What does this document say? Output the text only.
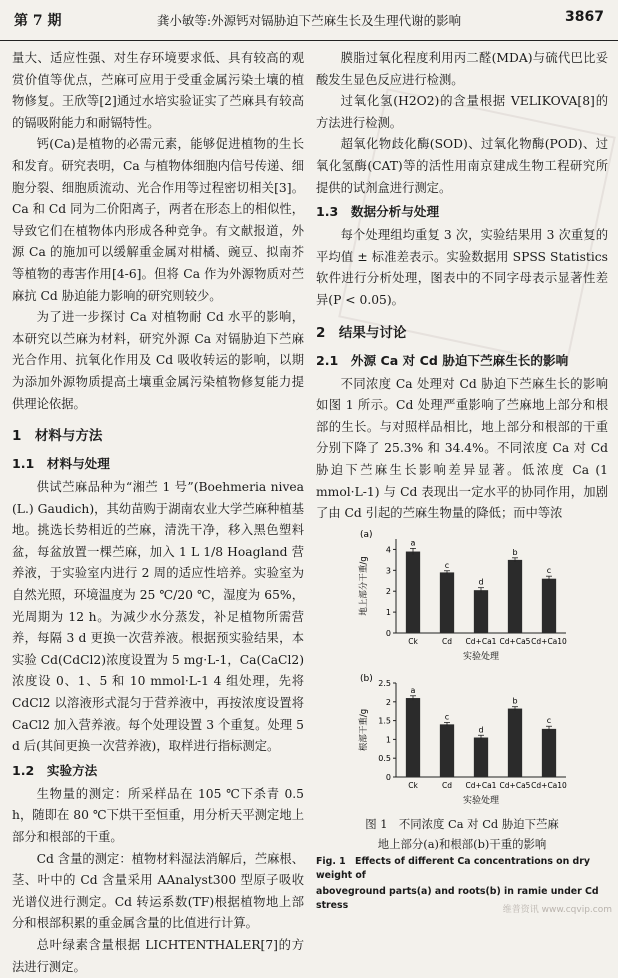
第 7 期	龚小敏等:外源钙对镉胁迫下苎麻生长及生理代谢的影响	3867

量大、适应性强、对生存环境要求低、具有较高的观赏价值等优点，苎麻可应用于受重金属污染土壤的植物修复。王欣等[2]通过水培实验证实了苎麻具有较高的镉吸附能力和耐镉特性。

钙(Ca)是植物的必需元素，能够促进植物的生长和发育。研究表明，Ca 与植物体细胞内信号传递、细胞分裂、细胞质流动、光合作用等过程密切相关[3]。Ca 和 Cd 同为二价阳离子，两者在形态上的相似性，导致它们在植物体内形成各种竞争。有文献报道，外源 Ca 的施加可以缓解重金属对柑橘、豌豆、拟南芥等植物的毒害作用[4-6]。但将 Ca 作为外源物质对苎麻抗 Cd 胁迫能力影响的研究则较少。

为了进一步探讨 Ca 对植物耐 Cd 水平的影响，本研究以苎麻为材料，研究外源 Ca 对镉胁迫下苎麻光合作用、抗氧化作用及 Cd 吸收转运的影响，以期为添加外源物质提高土壤重金属污染植物修复能力提供理论依据。

1　材料与方法
1.1　材料与处理

供试苎麻品种为“湘苎 1 号”(Boehmeria nivea (L.) Gaudich)，其幼苗购于湖南农业大学苎麻种植基地。挑选长势相近的苎麻，清洗干净，移入黑色塑料盆，每盆放置一棵苎麻，加入 1 L 1/8 Hoagland 营养液，于实验室内进行 2 周的适应性培养。实验室为自然光照，环境温度为 25 ℃/20 ℃，湿度为 65%，光周期为 12 h。为减少水分蒸发，补足植物所需营养，每隔 3 d 更换一次营养液。根据预实验结果，本实验 Cd(CdCl2)浓度设置为 5 mg·L-1，Ca(CaCl2)浓度设 0、1、5 和 10 mmol·L-1 4 组处理，先将 CdCl2 以溶液形式混匀于营养液中，再按浓度设置将 CaCl2 加入营养液。每个处理设置 3 个重复。处理 5 d 后(其间更换一次营养液)，取样进行指标测定。

1.2　实验方法

生物量的测定：所采样品在 105 ℃下杀青 0.5 h，随即在 80 ℃下烘干至恒重，用分析天平测定地上部分和根部的干重。

Cd 含量的测定：植物材料湿法消解后，苎麻根、茎、叶中的 Cd 含量采用 AAnalyst300 型原子吸收光谱仪进行测定。Cd 转运系数(TF)根据植物地上部分和根部积累的重金属含量的比值进行计算。

总叶绿素含量根据 LICHTENTHALER[7]的方法进行测定。

膜脂过氧化程度利用丙二醛(MDA)与硫代巴比妥酸发生显色反应进行检测。

过氧化氢(H2O2)的含量根据 VELIKOVA[8]的方法进行检测。

超氧化物歧化酶(SOD)、过氧化物酶(POD)、过氧化氢酶(CAT)等的活性用南京建成生物工程研究所提供的试剂盒进行测定。

1.3　数据分析与处理

每个处理组均重复 3 次，实验结果用 3 次重复的平均值 ± 标准差表示。实验数据用 SPSS Statistics 软件进行分析处理，图表中的不同字母表示显著性差异(P < 0.05)。

2　结果与讨论
2.1　外源 Ca 对 Cd 胁迫下苎麻生长的影响

不同浓度 Ca 处理对 Cd 胁迫下苎麻生长的影响如图 1 所示。Cd 处理严重影响了苎麻地上部分和根部的生长。与对照样品相比，地上部分和根部的干重分别下降了 25.3% 和 34.4%。不同浓度 Ca 对 Cd 胁迫下苎麻生长影响差异显著。低浓度 Ca (1 mmol·L-1) 与 Cd 表现出一定水平的协同作用，加剧了由 Cd 引起的苎麻生物量的降低；而中等浓

(a)
0
1
2
3
4
a
Ck
c
Cd
d
Cd+Ca1
b
Cd+Ca5
c
Cd+Ca10
实验处理
地上部分干重/g
(b)
0
0.5
1
1.5
2
2.5
a
Ck
c
Cd
d
Cd+Ca1
b
Cd+Ca5
c
Cd+Ca10
实验处理
根部干重/g
图 1　不同浓度 Ca 对 Cd 胁迫下苎麻
地上部分(a)和根部(b)干重的影响
Fig. 1　Effects of different Ca concentrations on dry weight of
aboveground parts(a) and roots(b) in ramie under Cd stress	维普资讯 www.cqvip.com
